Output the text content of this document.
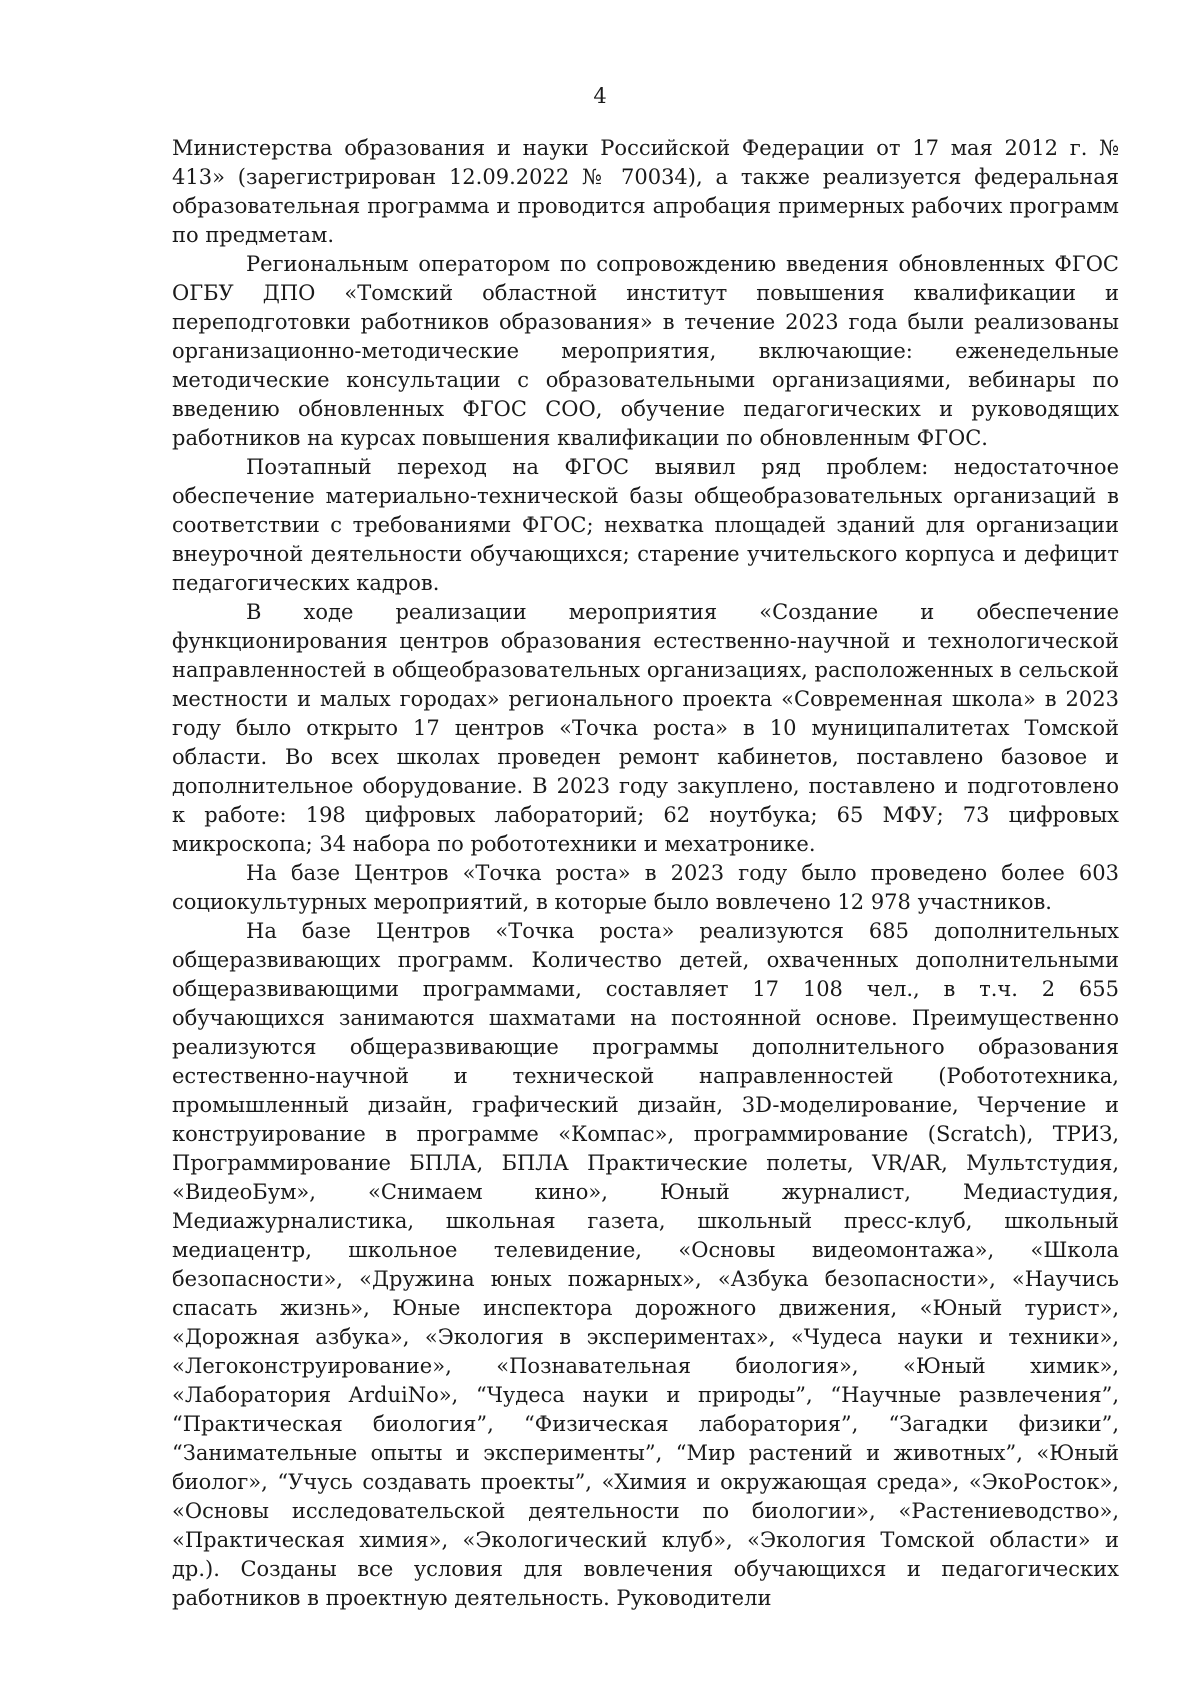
4

Министерства образования и науки Российской Федерации от 17 мая 2012 г. № 413» (зарегистрирован 12.09.2022 № 70034), а также реализуется федеральная образовательная программа и проводится апробация примерных рабочих программ по предметам.

Региональным оператором по сопровождению введения обновленных ФГОС ОГБУ ДПО «Томский областной институт повышения квалификации и переподготовки работников образования» в течение 2023 года были реализованы организационно-методические мероприятия, включающие: еженедельные методические консультации с образовательными организациями, вебинары по введению обновленных ФГОС СОО, обучение педагогических и руководящих работников на курсах повышения квалификации по обновленным ФГОС.

Поэтапный переход на ФГОС выявил ряд проблем: недостаточное обеспечение материально-технической базы общеобразовательных организаций в соответствии с требованиями ФГОС; нехватка площадей зданий для организации внеурочной деятельности обучающихся; старение учительского корпуса и дефицит педагогических кадров.

В ходе реализации мероприятия «Создание и обеспечение функционирования центров образования естественно-научной и технологической направленностей в общеобразовательных организациях, расположенных в сельской местности и малых городах» регионального проекта «Современная школа» в 2023 году было открыто 17 центров «Точка роста» в 10 муниципалитетах Томской области. Во всех школах проведен ремонт кабинетов, поставлено базовое и дополнительное оборудование. В 2023 году закуплено, поставлено и подготовлено к работе: 198 цифровых лабораторий; 62 ноутбука; 65 МФУ; 73 цифровых микроскопа; 34 набора по робототехники и мехатронике.

На базе Центров «Точка роста» в 2023 году было проведено более 603 социокультурных мероприятий, в которые было вовлечено 12 978 участников.

На базе Центров «Точка роста» реализуются 685 дополнительных общеразвивающих программ. Количество детей, охваченных дополнительными общеразвивающими программами, составляет 17 108 чел., в т.ч. 2 655 обучающихся занимаются шахматами на постоянной основе. Преимущественно реализуются общеразвивающие программы дополнительного образования естественно-научной и технической направленностей (Робототехника, промышленный дизайн, графический дизайн, 3D-моделирование, Черчение и конструирование в программе «Компас», программирование (Scratch), ТРИЗ, Программирование БПЛА, БПЛА Практические полеты, VR/AR, Мультстудия, «ВидеоБум», «Снимаем кино», Юный журналист, Медиастудия, Медиажурналистика, школьная газета, школьный пресс-клуб, школьный медиацентр, школьное телевидение, «Основы видеомонтажа», «Школа безопасности», «Дружина юных пожарных», «Азбука безопасности», «Научись спасать жизнь», Юные инспектора дорожного движения, «Юный турист», «Дорожная азбука», «Экология в экспериментах», «Чудеса науки и техники», «Легоконструирование», «Познавательная биология», «Юный химик», «Лаборатория ArduiNo», “Чудеса науки и природы”, “Научные развлечения”, “Практическая биология”, “Физическая лаборатория”, “Загадки физики”, “Занимательные опыты и эксперименты”, “Мир растений и животных”, «Юный биолог», “Учусь создавать проекты”, «Химия и окружающая среда», «ЭкоРосток», «Основы исследовательской деятельности по биологии», «Растениеводство», «Практическая химия», «Экологический клуб», «Экология Томской области» и др.). Созданы все условия для вовлечения обучающихся и педагогических работников в проектную деятельность. Руководители
